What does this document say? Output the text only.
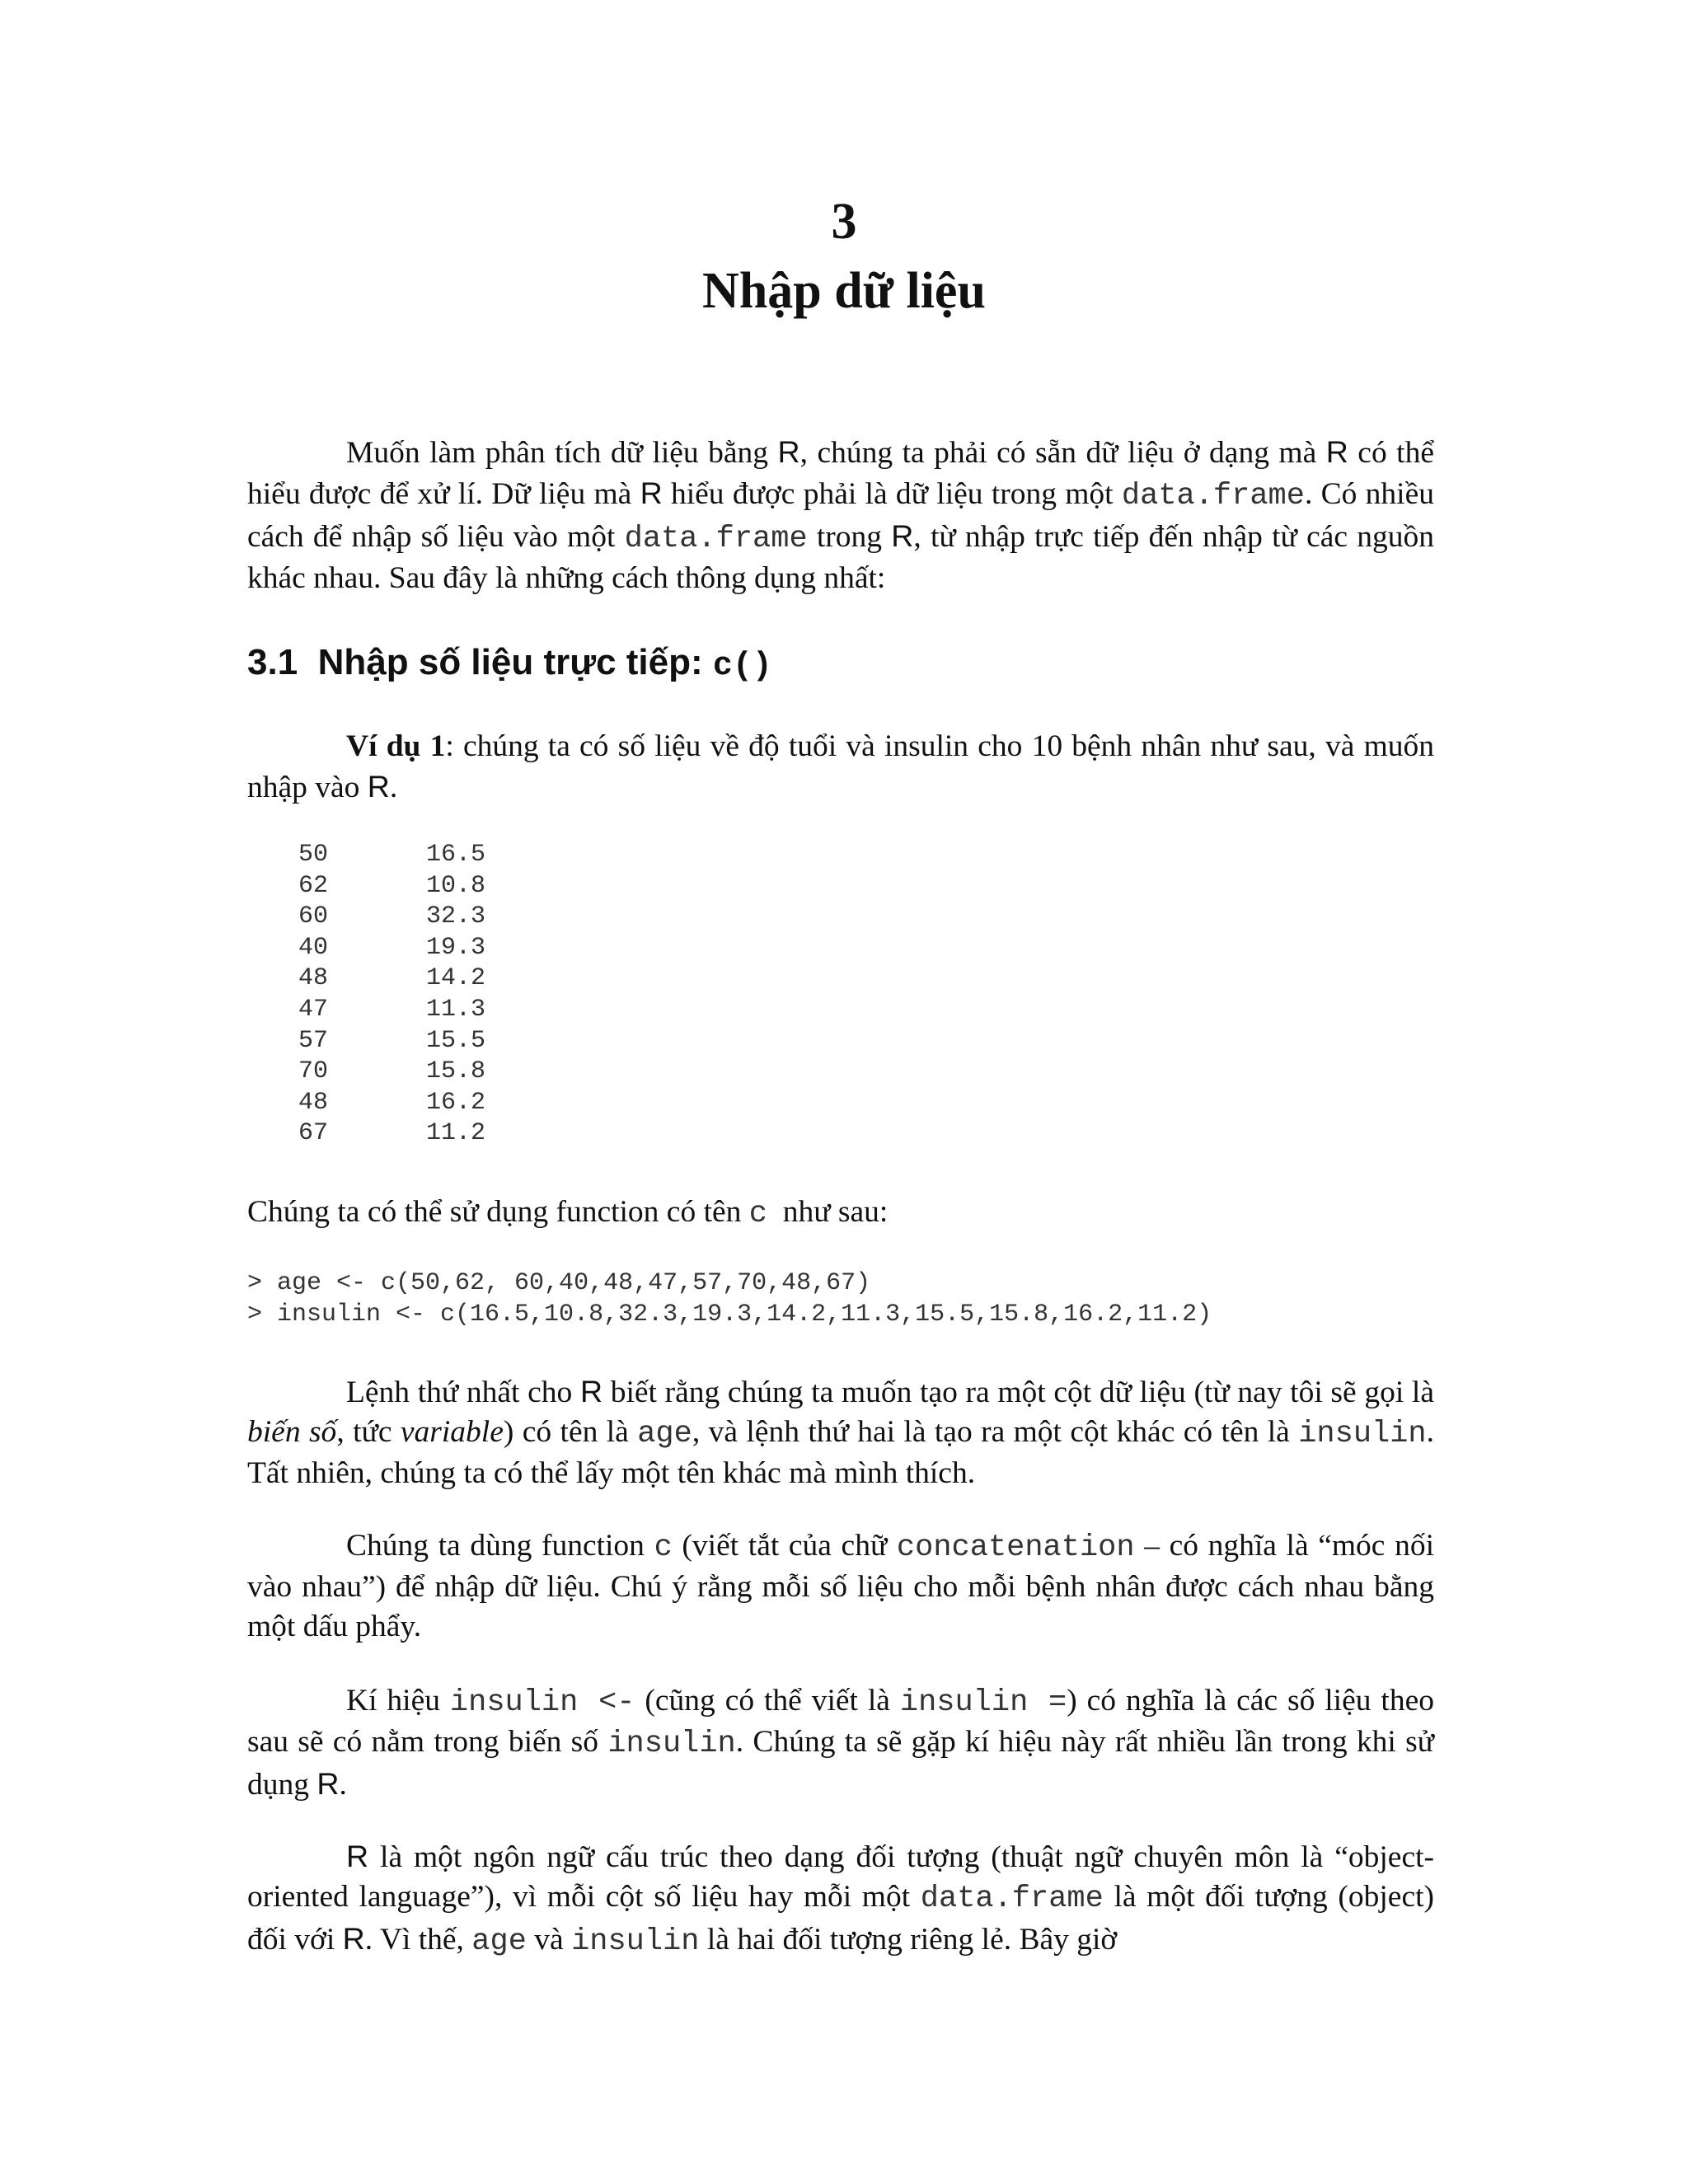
3
Nhập dữ liệu

Muốn làm phân tích dữ liệu bằng R, chúng ta phải có sẵn dữ liệu ở dạng mà R có thể hiểu được để xử lí. Dữ liệu mà R hiểu được phải là dữ liệu trong một data.frame. Có nhiều cách để nhập số liệu vào một data.frame trong R, từ nhập trực tiếp đến nhập từ các nguồn khác nhau. Sau đây là những cách thông dụng nhất:

3.1 Nhập số liệu trực tiếp: c()

Ví dụ 1: chúng ta có số liệu về độ tuổi và insulin cho 10 bệnh nhân như sau, và muốn nhập vào R.

50	16.5
62	10.8
60	32.3
40	19.3
48	14.2
47	11.3
57	15.5
70	15.8
48	16.2
67	11.2

Chúng ta có thể sử dụng function có tên c  như sau:

> age <- c(50,62, 60,40,48,47,57,70,48,67)
> insulin <- c(16.5,10.8,32.3,19.3,14.2,11.3,15.5,15.8,16.2,11.2)

Lệnh thứ nhất cho R biết rằng chúng ta muốn tạo ra một cột dữ liệu (từ nay tôi sẽ gọi là biến số, tức variable) có tên là age, và lệnh thứ hai là tạo ra một cột khác có tên là insulin. Tất nhiên, chúng ta có thể lấy một tên khác mà mình thích.

Chúng ta dùng function c (viết tắt của chữ concatenation – có nghĩa là “móc nối vào nhau”) để nhập dữ liệu. Chú ý rằng mỗi số liệu cho mỗi bệnh nhân được cách nhau bằng một dấu phẩy.

Kí hiệu insulin <- (cũng có thể viết là insulin =) có nghĩa là các số liệu theo sau sẽ có nằm trong biến số insulin. Chúng ta sẽ gặp kí hiệu này rất nhiều lần trong khi sử dụng R.

R là một ngôn ngữ cấu trúc theo dạng đối tượng (thuật ngữ chuyên môn là “object-oriented language”), vì mỗi cột số liệu hay mỗi một data.frame là một đối tượng (object) đối với R. Vì thế, age và insulin là hai đối tượng riêng lẻ. Bây giờ
